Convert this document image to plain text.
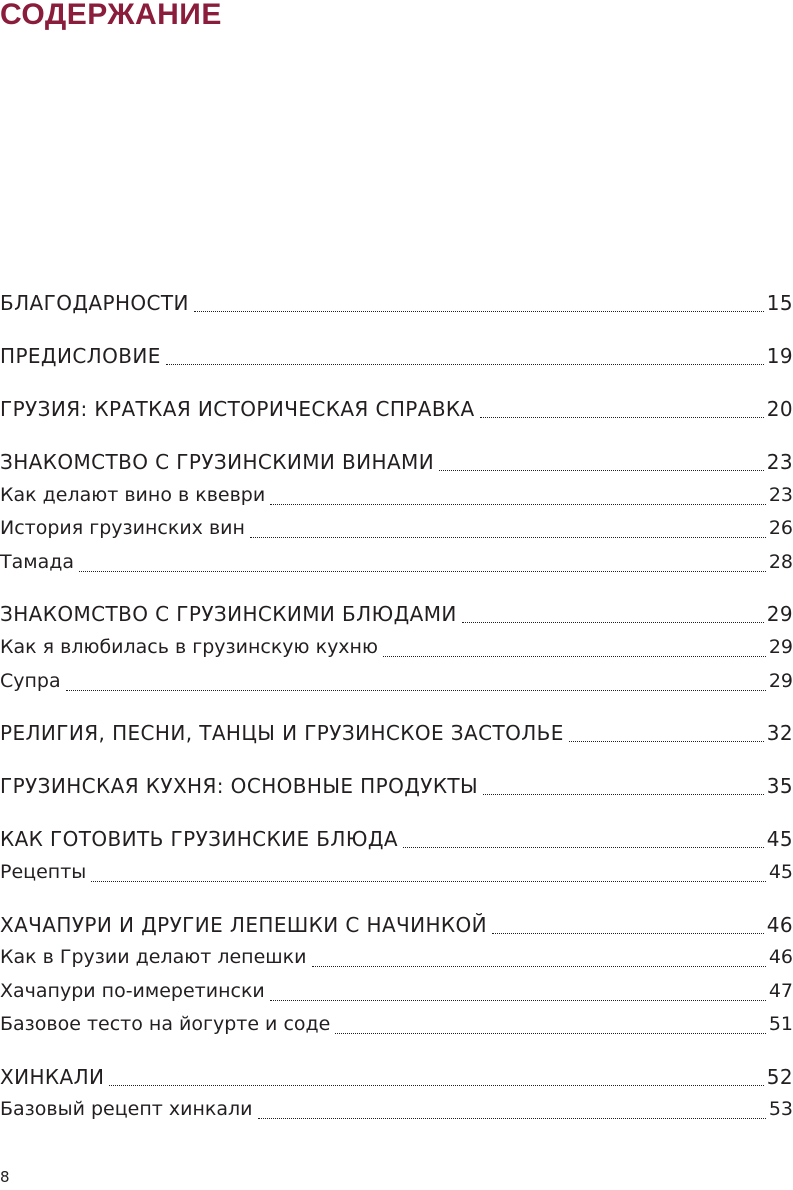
СОДЕРЖАНИЕ
БЛАГОДАРНОСТИ	15
ПРЕДИСЛОВИЕ	19
ГРУЗИЯ: КРАТКАЯ ИСТОРИЧЕСКАЯ СПРАВКА	20
ЗНАКОМСТВО С ГРУЗИНСКИМИ ВИНАМИ	23
Как делают вино в квеври	23
История грузинских вин	26
Тамада	28
ЗНАКОМСТВО С ГРУЗИНСКИМИ БЛЮДАМИ	29
Как я влюбилась в грузинскую кухню	29
Супра	29
РЕЛИГИЯ, ПЕСНИ, ТАНЦЫ И ГРУЗИНСКОЕ ЗАСТОЛЬЕ	32
ГРУЗИНСКАЯ КУХНЯ: ОСНОВНЫЕ ПРОДУКТЫ	35
КАК ГОТОВИТЬ ГРУЗИНСКИЕ БЛЮДА	45
Рецепты	45
ХАЧАПУРИ И ДРУГИЕ ЛЕПЕШКИ С НАЧИНКОЙ	46
Как в Грузии делают лепешки	46
Хачапури по-имеретински	47
Базовое тесто на йогурте и соде	51
ХИНКАЛИ	52
Базовый рецепт хинкали	53
8
